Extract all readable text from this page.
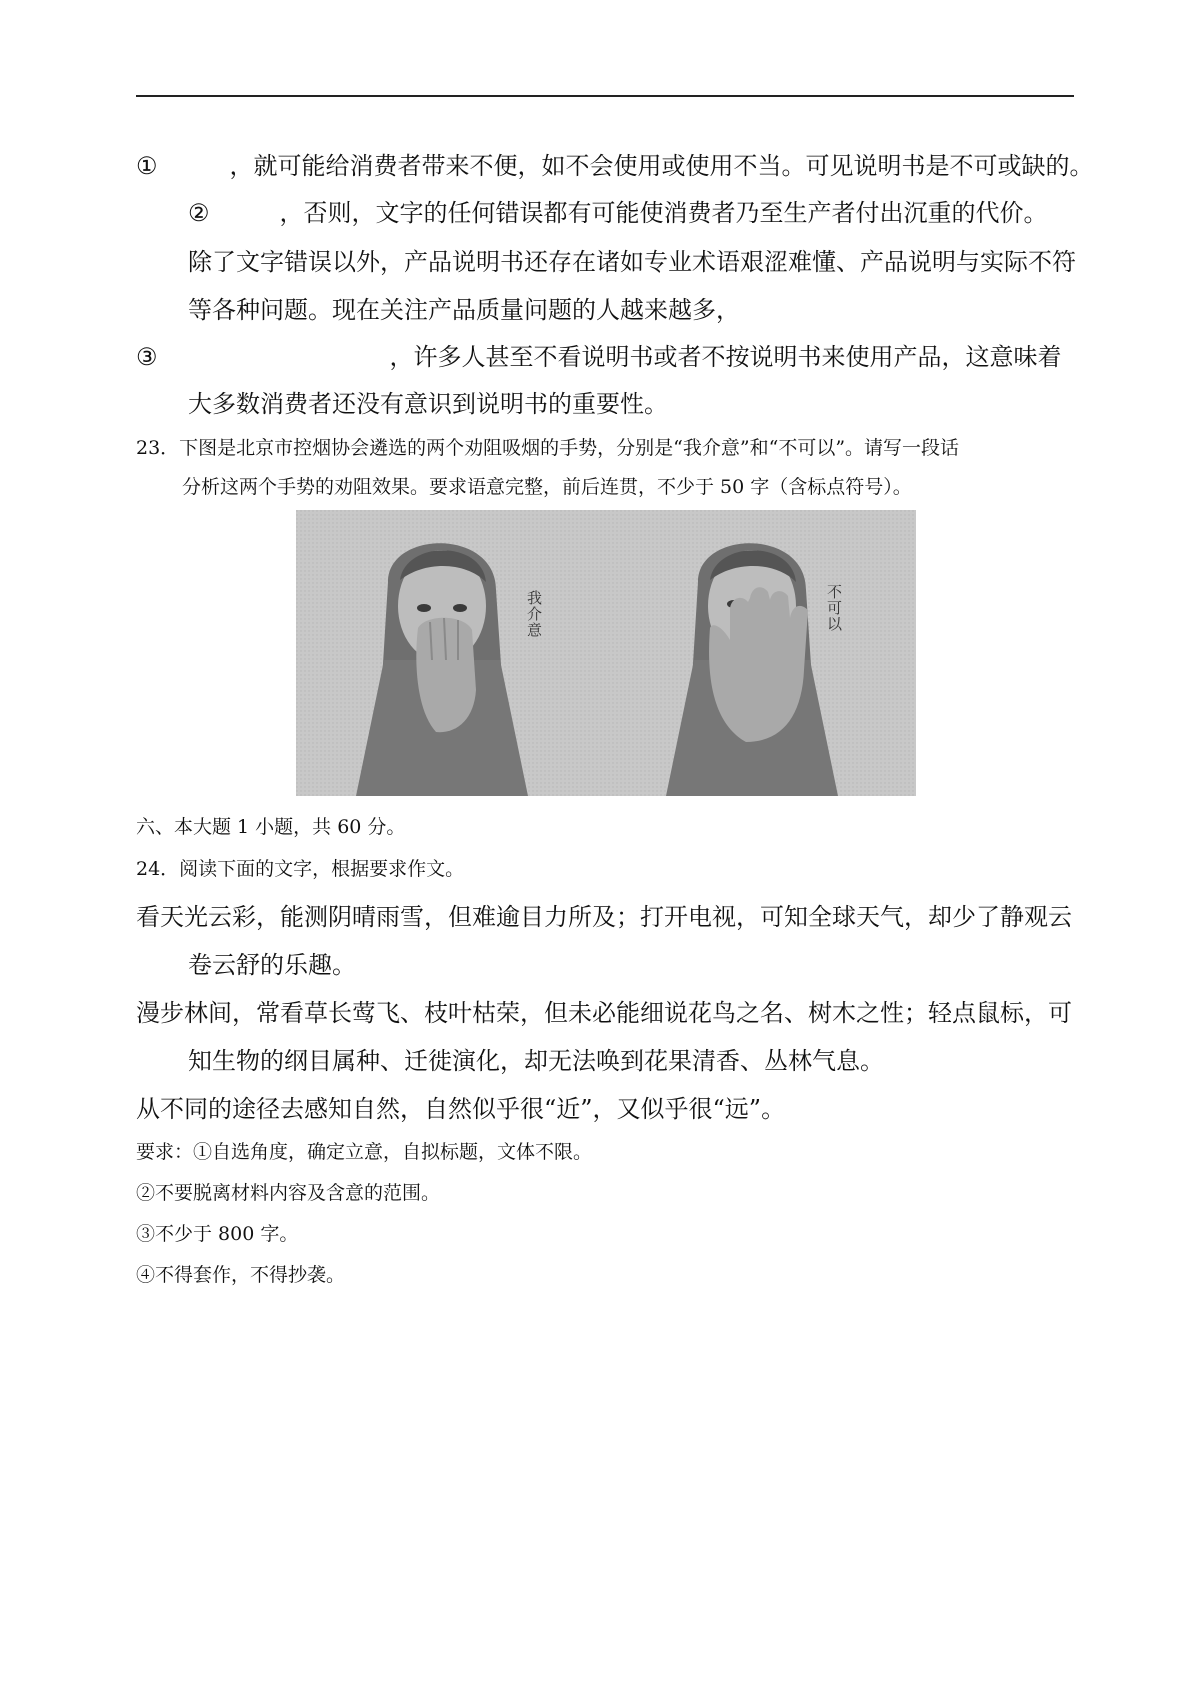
①	，就可能给消费者带来不便，如不会使用或使用不当。可见说明书是不可或缺的。
②	，否则，文字的任何错误都有可能使消费者乃至生产者付出沉重的代价。
除了文字错误以外，产品说明书还存在诸如专业术语艰涩难懂、产品说明与实际不符
等各种问题。现在关注产品质量问题的人越来越多，
③	，许多人甚至不看说明书或者不按说明书来使用产品，这意味着
大多数消费者还没有意识到说明书的重要性。
23．下图是北京市控烟协会遴选的两个劝阻吸烟的手势，分别是“我介意”和“不可以”。请写一段话
分析这两个手势的劝阻效果。要求语意完整，前后连贯，不少于 50 字（含标点符号）。
我介意	不可以
六、本大题 1 小题，共 60 分。
24．阅读下面的文字，根据要求作文。
看天光云彩，能测阴晴雨雪，但难逾目力所及；打开电视，可知全球天气，却少了静观云
卷云舒的乐趣。
漫步林间，常看草长莺飞、枝叶枯荣，但未必能细说花鸟之名、树木之性；轻点鼠标，可
知生物的纲目属种、迁徙演化，却无法唤到花果清香、丛林气息。
从不同的途径去感知自然，自然似乎很“近”，又似乎很“远”。
要求：①自选角度，确定立意，自拟标题，文体不限。
②不要脱离材料内容及含意的范围。
③不少于 800 字。
④不得套作，不得抄袭。
